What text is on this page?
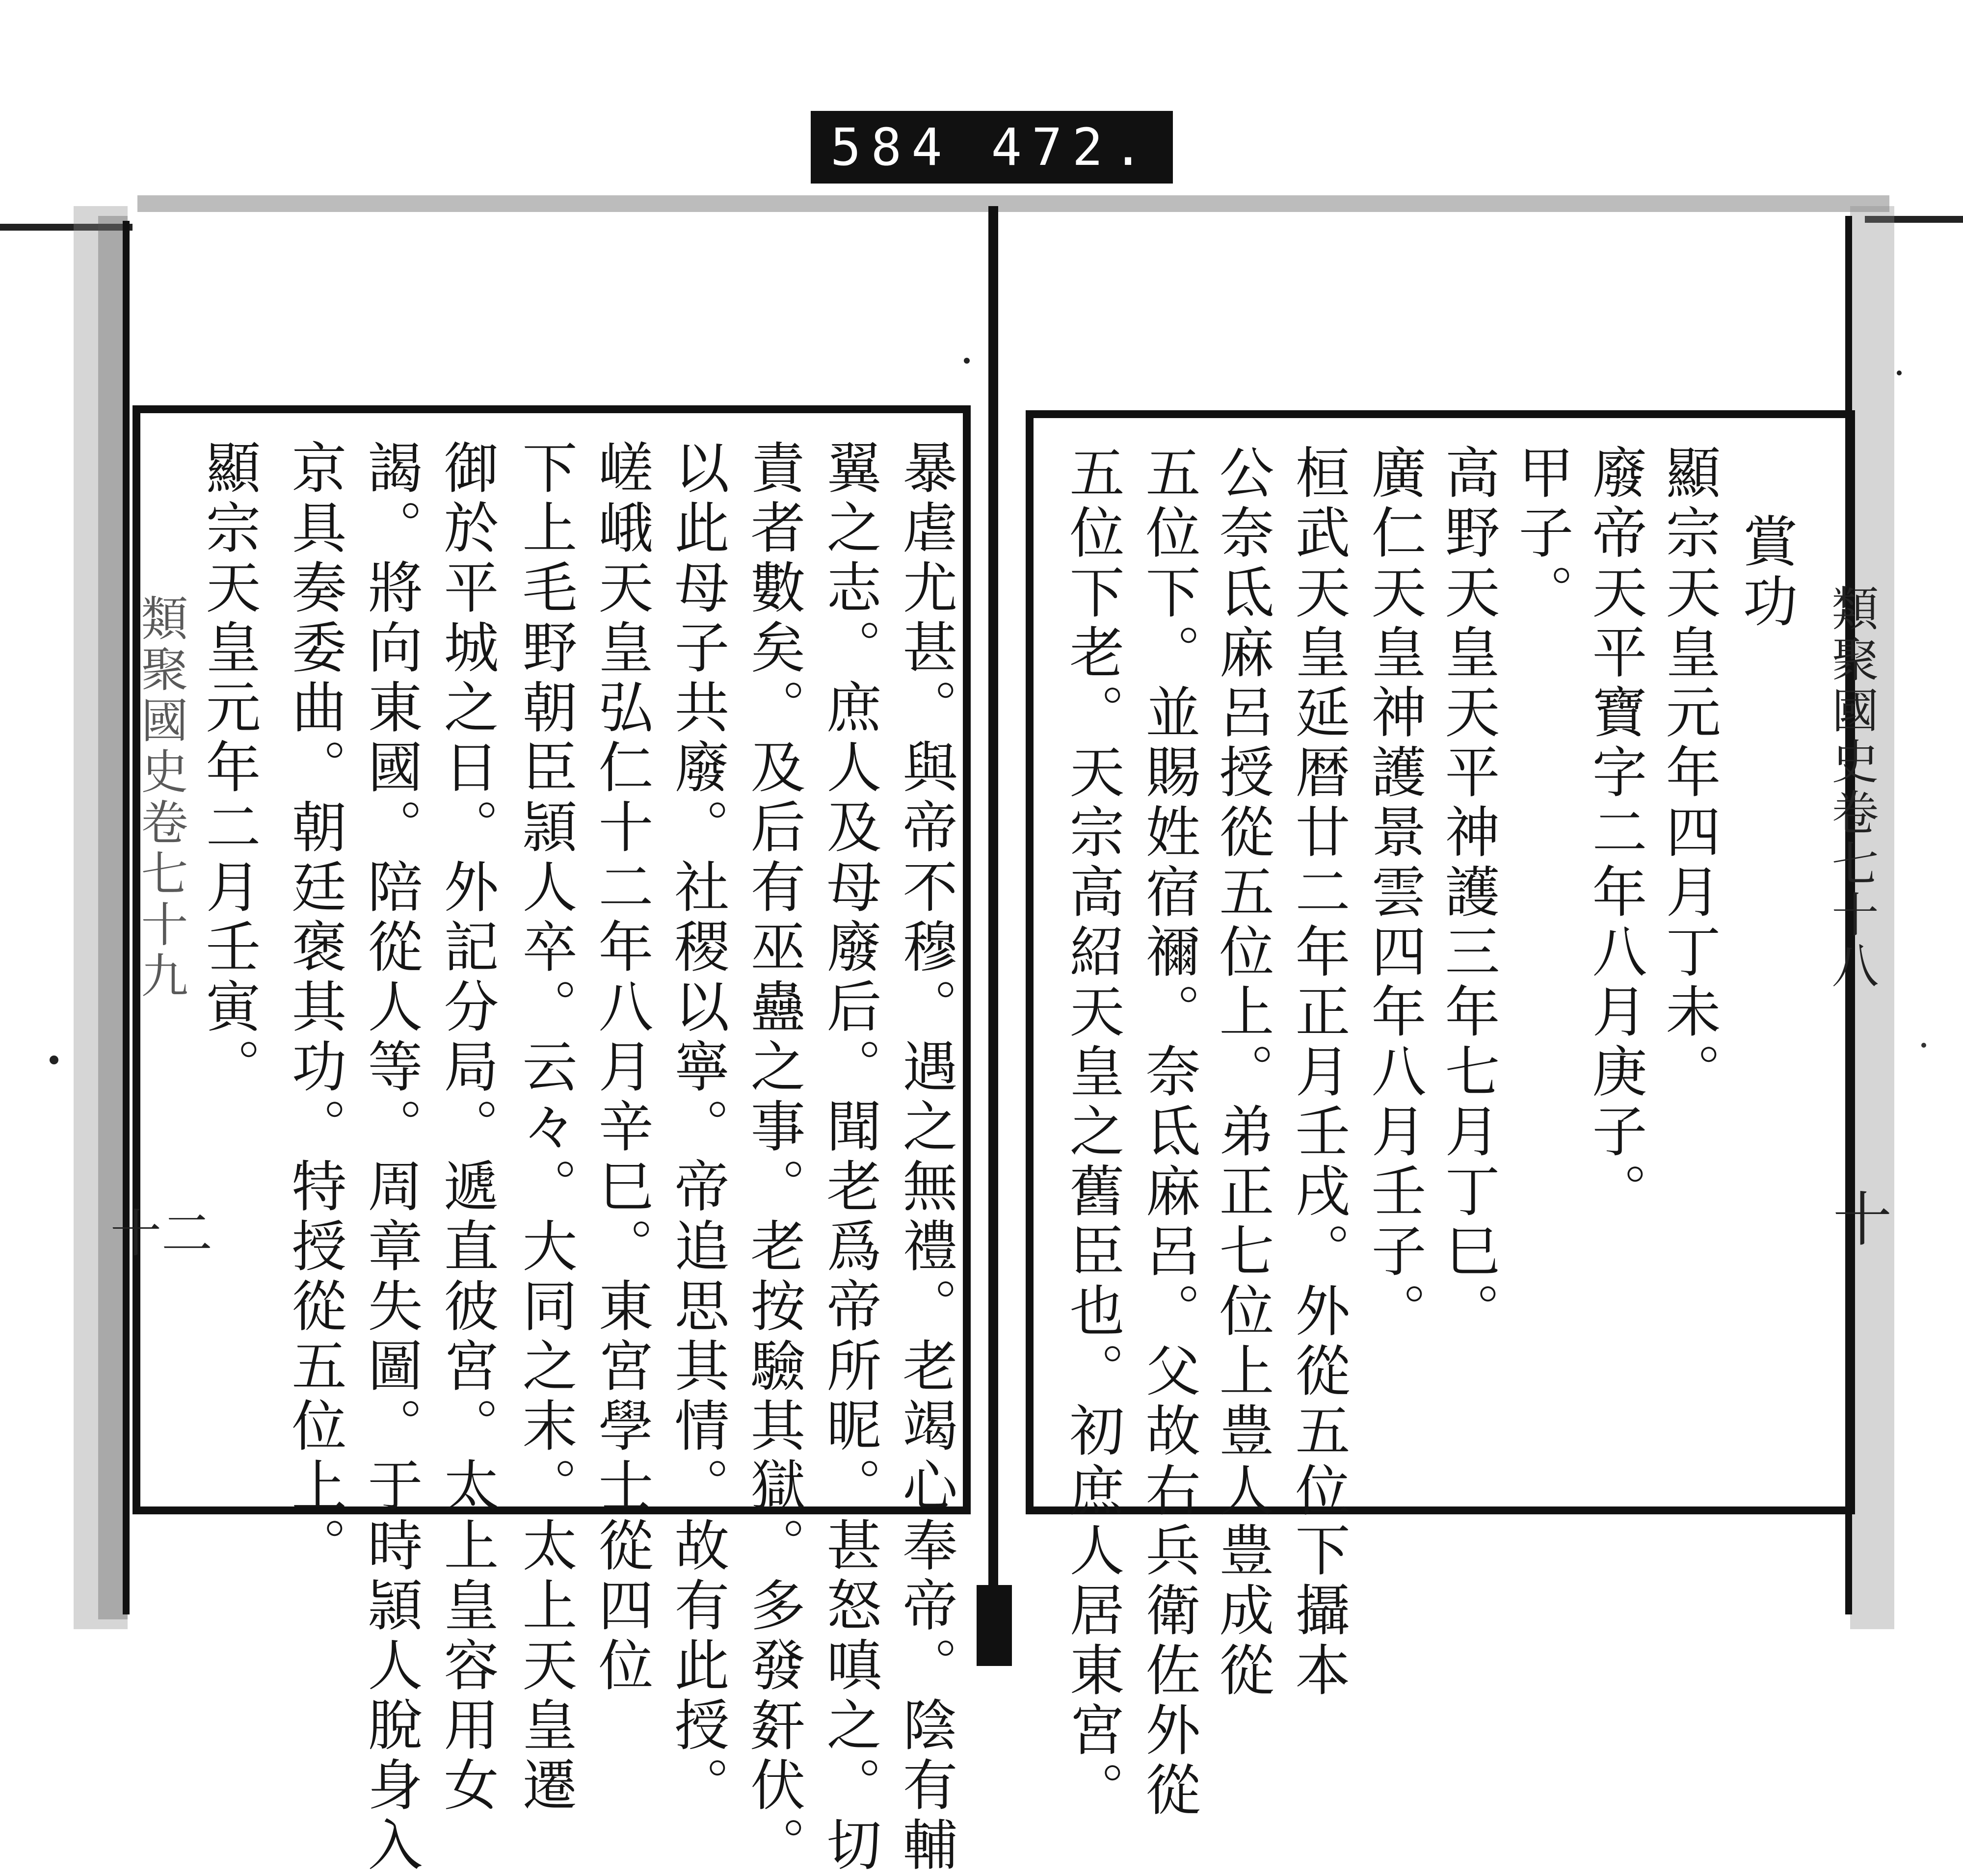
584 472.
類聚國史卷七十八
十
類聚國史卷七十九
十二
賞功
顯宗天皇元年四月丁未。
廢帝天平寶字二年八月庚子。
甲子。
高野天皇天平神護三年七月丁巳。
廣仁天皇神護景雲四年八月壬子。
桓武天皇延暦廿二年正月壬戌。外從五位下攝本
公奈氐麻呂授從五位上。弟正七位上豊人豊成從
五位下。並賜姓宿禰。奈氐麻呂。父故右兵衛佐外從
五位下老。天宗高紹天皇之舊臣也。初庶人居東宮。
暴虐尤甚。與帝不穆。遇之無禮。老竭心奉帝。陰有輔
翼之志。庶人及母廢后。聞老爲帝所昵。甚怒嗔之。切
責者數矣。及后有巫蠱之事。老按驗其獄。多發姧伏。
以此母子共廢。社稷以寧。帝追思其情。故有此授。
嵯峨天皇弘仁十二年八月辛巳。東宮學士從四位
下上毛野朝臣頴人卒。云々。大同之末。太上天皇遷
御於平城之日。外記分局。遞直彼宮。太上皇容用女
謁。將向東國。陪從人等。周章失圖。于時頴人脫身入
京具奏委曲。朝廷褒其功。特授從五位上。
顯宗天皇元年二月壬寅。
